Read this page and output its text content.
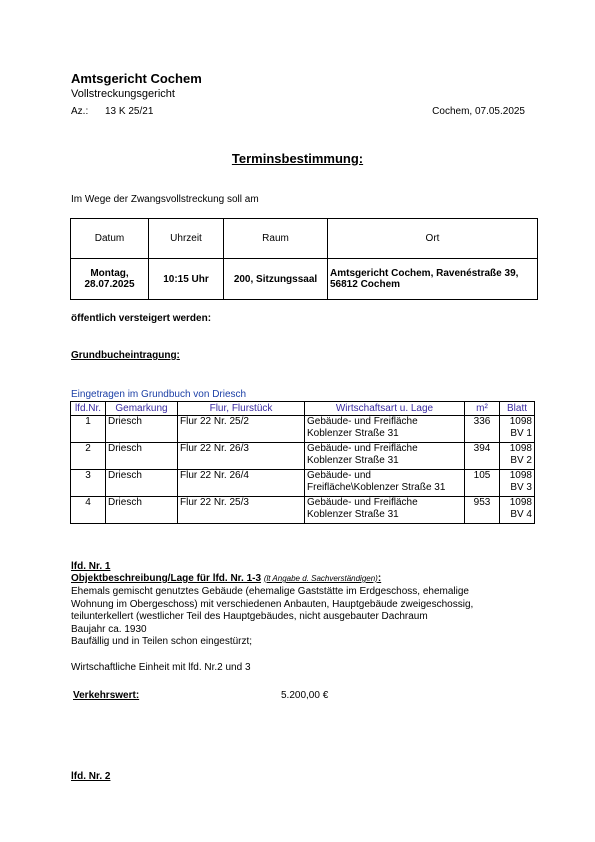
Amtsgericht Cochem
Vollstreckungsgericht
Az.: 13 K 25/21	Cochem, 07.05.2025
Terminsbestimmung:
Im Wege der Zwangsvollstreckung soll am
Datum	Uhrzeit	Raum	Ort
Montag,
28.07.2025	10:15 Uhr	200, Sitzungssaal	Amtsgericht Cochem, Ravenéstraße 39,
56812 Cochem
öffentlich versteigert werden:
Grundbucheintragung:
Eingetragen im Grundbuch von Driesch
lfd.Nr.	Gemarkung	Flur, Flurstück	Wirtschaftsart u. Lage	m²	Blatt
1	Driesch	Flur 22 Nr. 25/2	Gebäude- und Freifläche
Koblenzer Straße 31	336	1098
BV 1
2	Driesch	Flur 22 Nr. 26/3	Gebäude- und Freifläche
Koblenzer Straße 31	394	1098
BV 2
3	Driesch	Flur 22 Nr. 26/4	Gebäude- und
Freifläche\Koblenzer Straße 31	105	1098
BV 3
4	Driesch	Flur 22 Nr. 25/3	Gebäude- und Freifläche
Koblenzer Straße 31	953	1098
BV 4
lfd. Nr. 1
Objektbeschreibung/Lage für lfd. Nr. 1-3 (lt Angabe d. Sachverständigen):
Ehemals gemischt genutztes Gebäude (ehemalige Gaststätte im Erdgeschoss, ehemalige
Wohnung im Obergeschoss) mit verschiedenen Anbauten, Hauptgebäude zweigeschossig,
teilunterkellert (westlicher Teil des Hauptgebäudes, nicht ausgebauter Dachraum
Baujahr ca. 1930
Baufällig und in Teilen schon eingestürzt;
Wirtschaftliche Einheit mit lfd. Nr.2 und 3
Verkehrswert:	5.200,00 €
lfd. Nr. 2
